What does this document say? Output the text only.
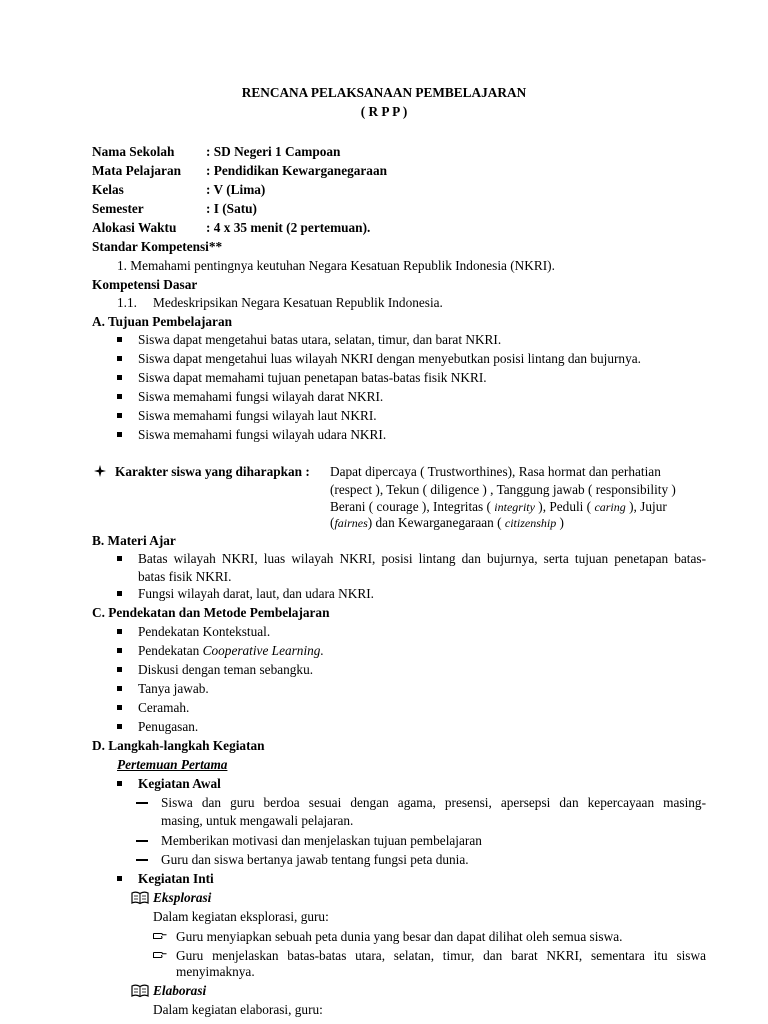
RENCANA PELAKSANAAN PEMBELAJARAN
( R P P )
Nama Sekolah : SD Negeri 1 Campoan
Mata Pelajaran : Pendidikan Kewarganegaraan
Kelas	: V (Lima)
Semester	: I (Satu)
Alokasi Waktu : 4 x 35 menit (2 pertemuan).
Standar Kompetensi**
1. Memahami pentingnya keutuhan Negara Kesatuan Republik Indonesia (NKRI).
Kompetensi Dasar
1.1. Medeskripsikan Negara Kesatuan Republik Indonesia.
A. Tujuan Pembelajaran
Siswa dapat mengetahui batas utara, selatan, timur, dan barat NKRI.
Siswa dapat mengetahui luas wilayah NKRI dengan menyebutkan posisi lintang dan bujurnya.
Siswa dapat memahami tujuan penetapan batas-batas fisik NKRI.
Siswa memahami fungsi wilayah darat NKRI.
Siswa memahami fungsi wilayah laut NKRI.
Siswa memahami fungsi wilayah udara NKRI.
Karakter siswa yang diharapkan : Dapat dipercaya ( Trustworthines), Rasa hormat dan perhatian
(respect ), Tekun ( diligence ) , Tanggung jawab ( responsibility )
Berani ( courage ), Integritas ( integrity ), Peduli ( caring ), Jujur
(fairnes) dan Kewarganegaraan ( citizenship )
B. Materi Ajar
Batas wilayah NKRI, luas wilayah NKRI, posisi lintang dan bujurnya, serta tujuan penetapan batas-
batas fisik NKRI.
Fungsi wilayah darat, laut, dan udara NKRI.
C. Pendekatan dan Metode Pembelajaran
Pendekatan Kontekstual.
Pendekatan Cooperative Learning.
Diskusi dengan teman sebangku.
Tanya jawab.
Ceramah.
Penugasan.
D. Langkah-langkah Kegiatan
Pertemuan Pertama
Kegiatan Awal
Siswa dan guru berdoa sesuai dengan agama, presensi, apersepsi dan kepercayaan masing-
masing, untuk mengawali pelajaran.
Memberikan motivasi dan menjelaskan tujuan pembelajaran
Guru dan siswa bertanya jawab tentang fungsi peta dunia.
Kegiatan Inti
Eksplorasi
Dalam kegiatan eksplorasi, guru:
Guru menyiapkan sebuah peta dunia yang besar dan dapat dilihat oleh semua siswa.
Guru menjelaskan batas-batas utara, selatan, timur, dan barat NKRI, sementara itu siswa
menyimaknya.
Elaborasi
Dalam kegiatan elaborasi, guru:
